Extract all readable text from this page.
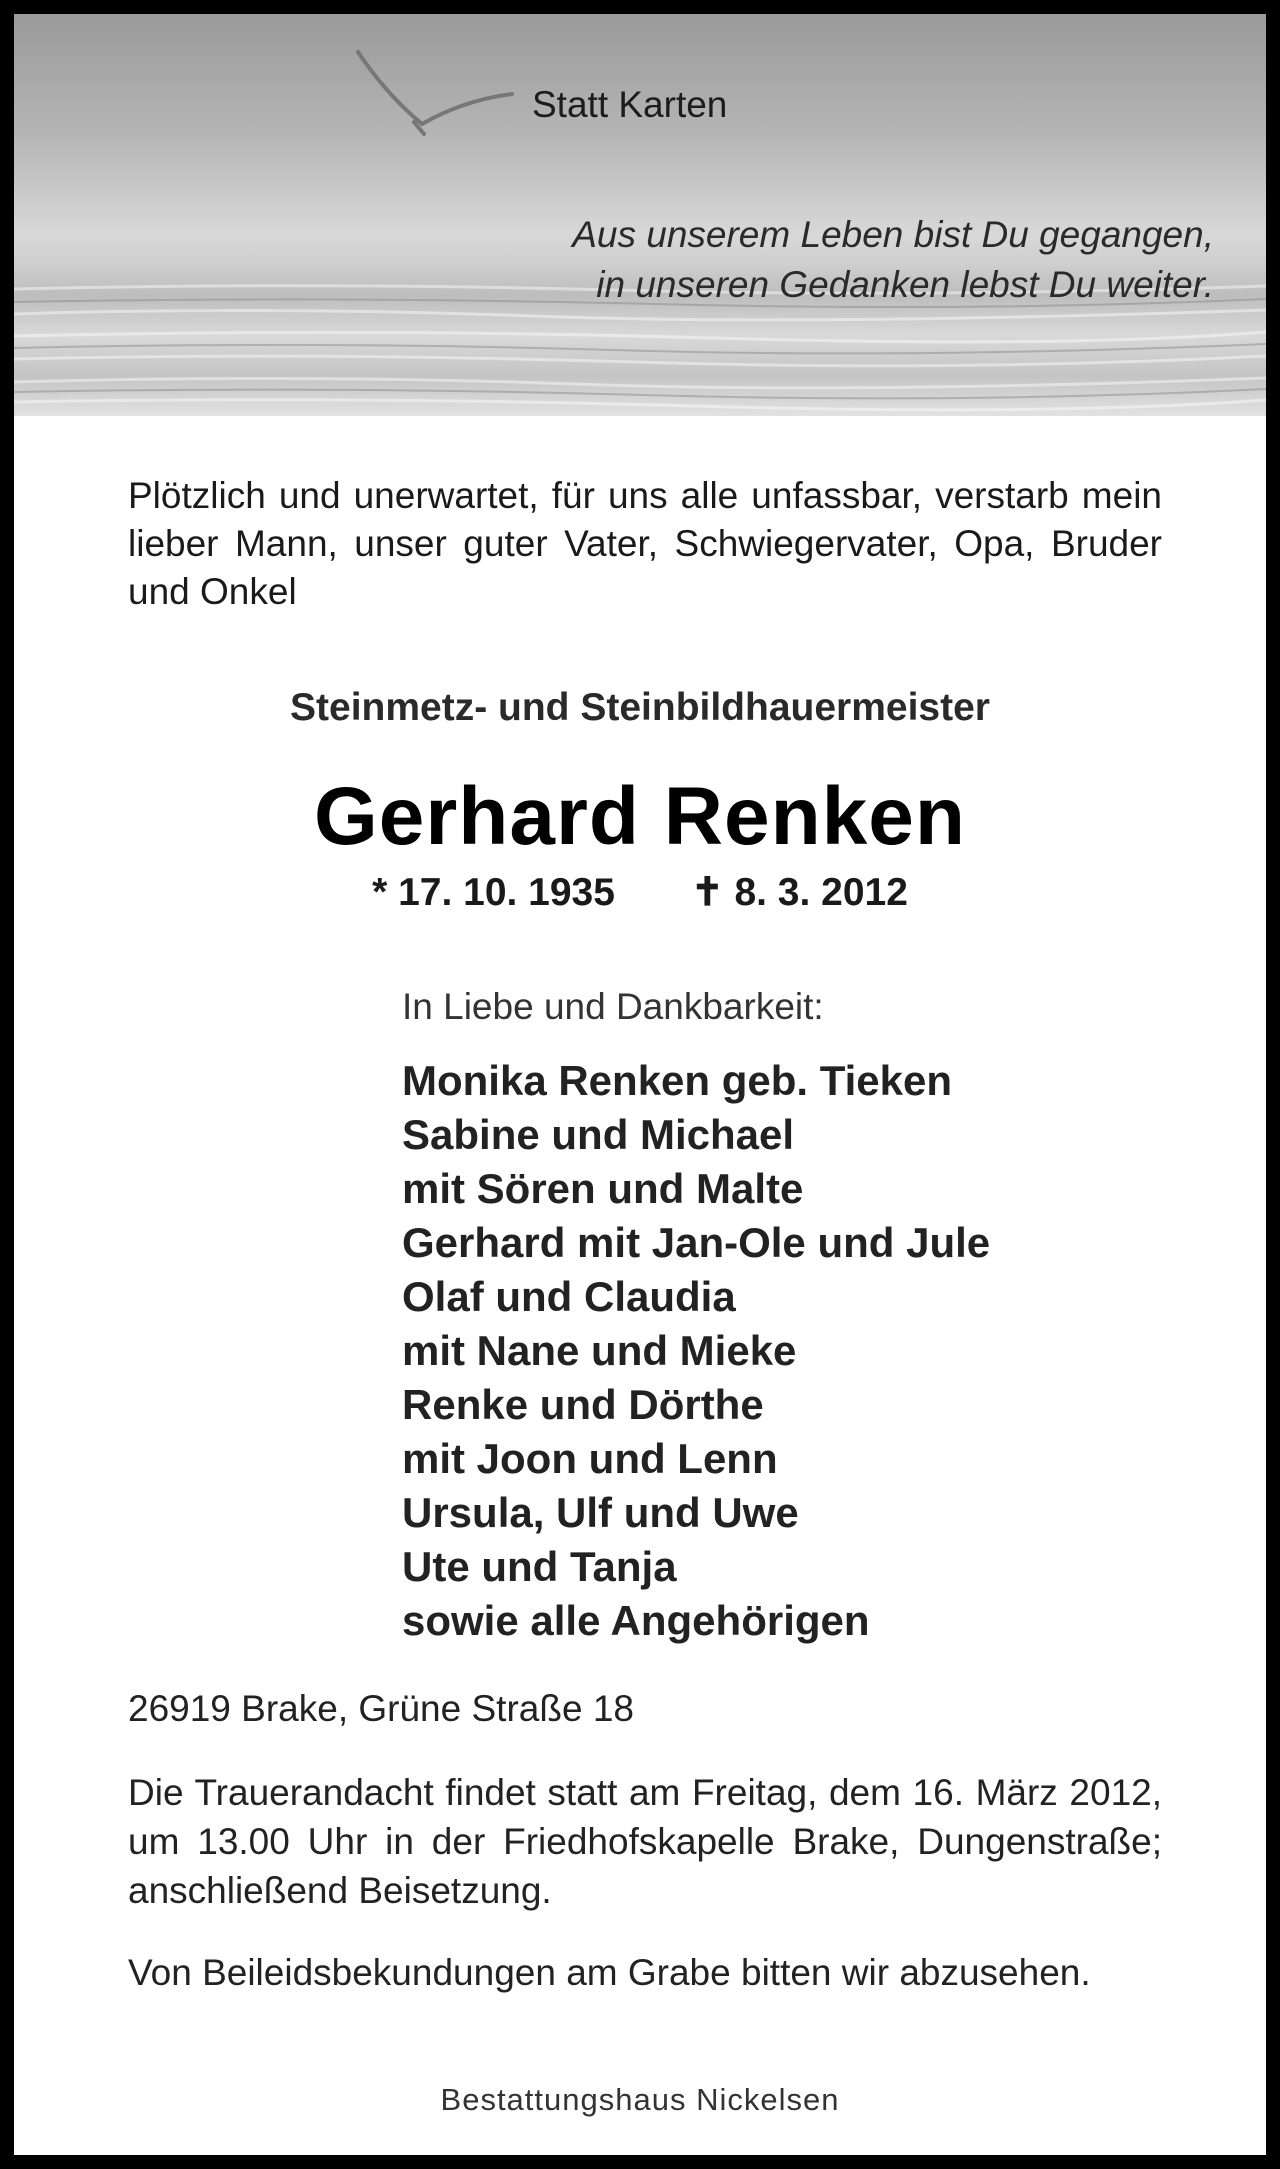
Statt Karten
Aus unserem Leben bist Du gegangen,
in unseren Gedanken lebst Du weiter.
Plötzlich und unerwartet, für uns alle unfassbar, verstarb mein lieber Mann, unser guter Vater, Schwiegervater, Opa, Bruder und Onkel
Steinmetz- und Steinbildhauermeister
Gerhard Renken
* 17. 10. 1935 ✝ 8. 3. 2012
In Liebe und Dankbarkeit:
Monika Renken geb. Tieken
Sabine und Michael
mit Sören und Malte
Gerhard mit Jan-Ole und Jule
Olaf und Claudia
mit Nane und Mieke
Renke und Dörthe
mit Joon und Lenn
Ursula, Ulf und Uwe
Ute und Tanja
sowie alle Angehörigen
26919 Brake, Grüne Straße 18
Die Trauerandacht findet statt am Freitag, dem 16. März 2012, um 13.00 Uhr in der Friedhofskapelle Brake, Dungenstraße; anschließend Beisetzung.
Von Beileidsbekundungen am Grabe bitten wir abzusehen.
Bestattungshaus Nickelsen
